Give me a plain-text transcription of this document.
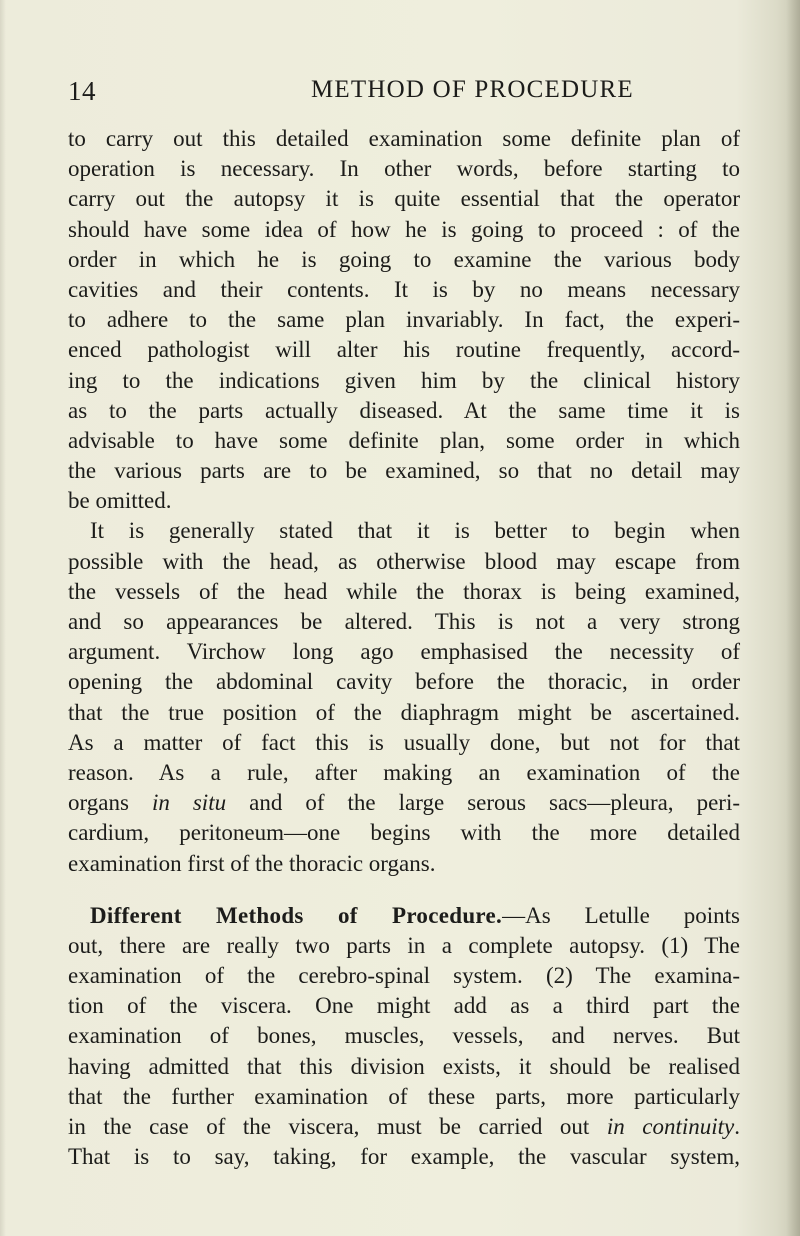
14	METHOD OF PROCEDURE
to carry out this detailed examination some definite plan of
operation is necessary. In other words, before starting to
carry out the autopsy it is quite essential that the operator
should have some idea of how he is going to proceed : of the
order in which he is going to examine the various body
cavities and their contents. It is by no means necessary
to adhere to the same plan invariably. In fact, the experi-
enced pathologist will alter his routine frequently, accord-
ing to the indications given him by the clinical history
as to the parts actually diseased. At the same time it is
advisable to have some definite plan, some order in which
the various parts are to be examined, so that no detail may
be omitted.
It is generally stated that it is better to begin when
possible with the head, as otherwise blood may escape from
the vessels of the head while the thorax is being examined,
and so appearances be altered. This is not a very strong
argument. Virchow long ago emphasised the necessity of
opening the abdominal cavity before the thoracic, in order
that the true position of the diaphragm might be ascertained.
As a matter of fact this is usually done, but not for that
reason. As a rule, after making an examination of the
organs in situ and of the large serous sacs—pleura, peri-
cardium, peritoneum—one begins with the more detailed
examination first of the thoracic organs.
Different Methods of Procedure.—As Letulle points
out, there are really two parts in a complete autopsy. (1) The
examination of the cerebro-spinal system. (2) The examina-
tion of the viscera. One might add as a third part the
examination of bones, muscles, vessels, and nerves. But
having admitted that this division exists, it should be realised
that the further examination of these parts, more particularly
in the case of the viscera, must be carried out in continuity.
That is to say, taking, for example, the vascular system,
